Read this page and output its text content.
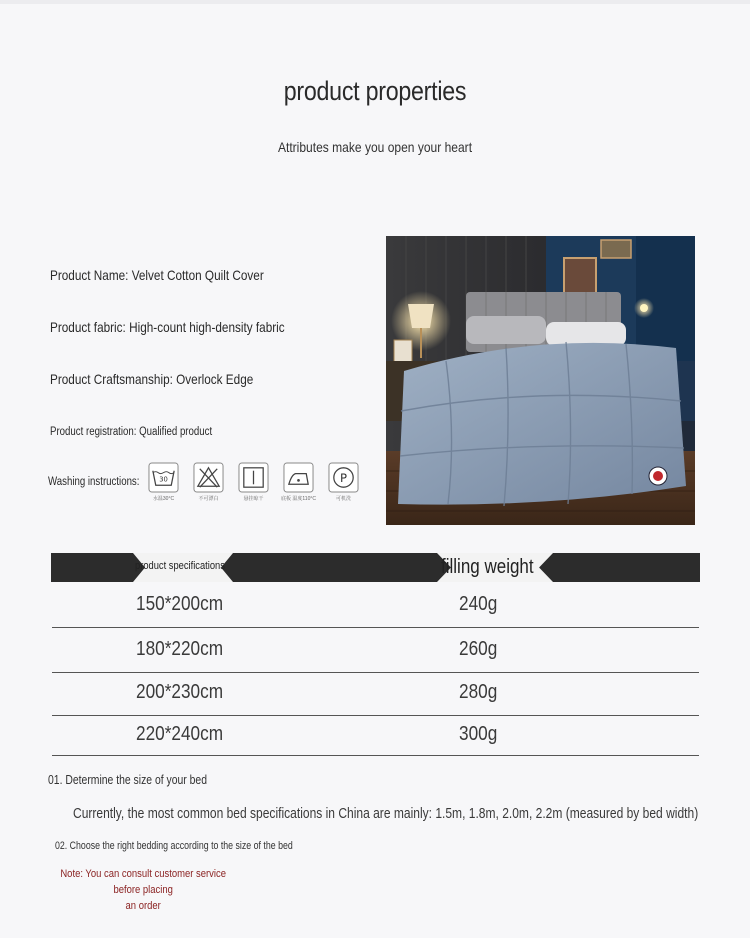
product properties
Attributes make you open your heart
Product Name: Velvet Cotton Quilt Cover
Product fabric: High-count high-density fabric
Product Craftsmanship: Overlock Edge
Product registration: Qualified product
Washing instructions:	30
水温30°C	不可漂白	悬挂晾干	底板 温度110°C
P
可机洗
product specifications	filling weight
150*200cm	240g
180*220cm	260g
200*230cm	280g
220*240cm	300g
01. Determine the size of your bed
Currently, the most common bed specifications in China are mainly: 1.5m, 1.8m, 2.0m, 2.2m (measured by bed width)
02. Choose the right bedding according to the size of the bed
Note: You can consult customer service before placing
an order
